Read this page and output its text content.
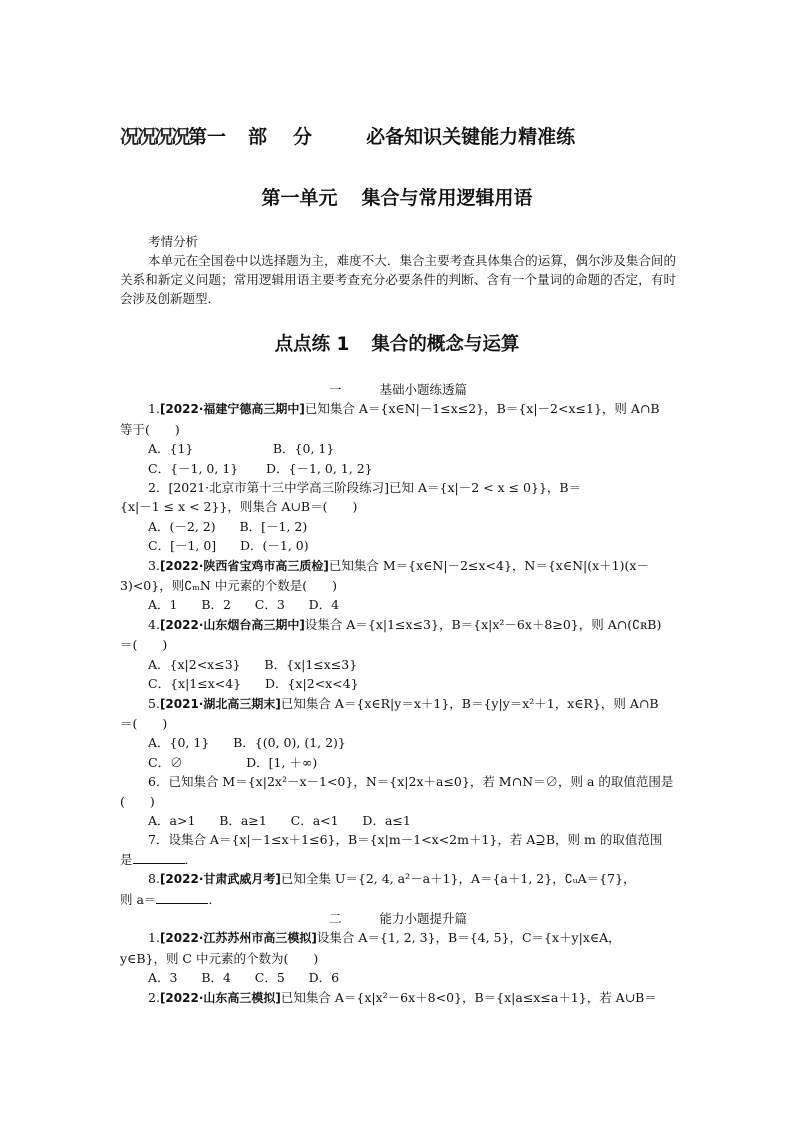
况况况况第一 部 分	必备知识关键能力精准练
第一单元 集合与常用逻辑用语
考情分析
本单元在全国卷中以选择题为主，难度不大．集合主要考查具体集合的运算，偶尔涉及集合间的关系和新定义问题；常用逻辑用语主要考查充分必要条件的判断、含有一个量词的命题的否定，有时会涉及创新题型．
点点练 1 集合的概念与运算
一	基础小题练透篇
1.[2022·福建宁德高三期中]已知集合 A＝{x∈N|－1≤x≤2}，B＝{x|－2<x≤1}，则 A∩B
等于(　　)
A．{1}                    B．{0, 1}
C．{－1, 0, 1}       D．{－1, 0, 1, 2}
2．[2021·北京市第十三中学高三阶段练习]已知 A＝{x|－2 < x ≤ 0}}，B＝
{x|－1 ≤ x < 2}}，则集合 A∪B＝(　　)
A．(－2, 2)      B．[－1, 2)
C．[－1, 0]      D．(－1, 0)
3.[2022·陕西省宝鸡市高三质检]已知集合 M＝{x∈N|－2≤x<4}，N＝{x∈N|(x＋1)(x－
3)<0}，则∁ₘN 中元素的个数是(　　)
A．1      B．2      C．3      D．4
4.[2022·山东烟台高三期中]设集合 A＝{x|1≤x≤3}，B＝{x|x²－6x＋8≥0}，则 A∩(∁ʀB)
＝(　　)
A．{x|2<x≤3}      B．{x|1≤x≤3}
C．{x|1≤x<4}      D．{x|2<x<4}
5.[2021·湖北高三期末]已知集合 A＝{x∈R|y＝x＋1}，B＝{y|y＝x²＋1，x∈R}，则 A∩B
＝(　　)
A．{0, 1}      B．{(0, 0), (1, 2)}
C．∅                D．[1, ＋∞)
6．已知集合 M＝{x|2x²－x－1<0}，N＝{x|2x＋a≤0}，若 M∩N＝∅，则 a 的取值范围是
(　　)
A．a>1      B．a≥1      C．a<1      D．a≤1
7．设集合 A＝{x|－1≤x＋1≤6}，B＝{x|m－1<x<2m＋1}，若 A⊇B，则 m 的取值范围
是	．
8.[2022·甘肃武威月考]已知全集 U＝{2, 4, a²－a＋1}，A＝{a＋1, 2}，∁ᵤA＝{7}，
则 a＝	．
二	能力小题提升篇
1.[2022·江苏苏州市高三模拟]设集合 A＝{1, 2, 3}，B＝{4, 5}，C＝{x＋y|x∈A，
y∈B}，则 C 中元素的个数为(　　)
A．3      B．4      C．5      D．6
2.[2022·山东高三模拟]已知集合 A＝{x|x²－6x＋8<0}，B＝{x|a≤x≤a＋1}，若 A∪B＝
